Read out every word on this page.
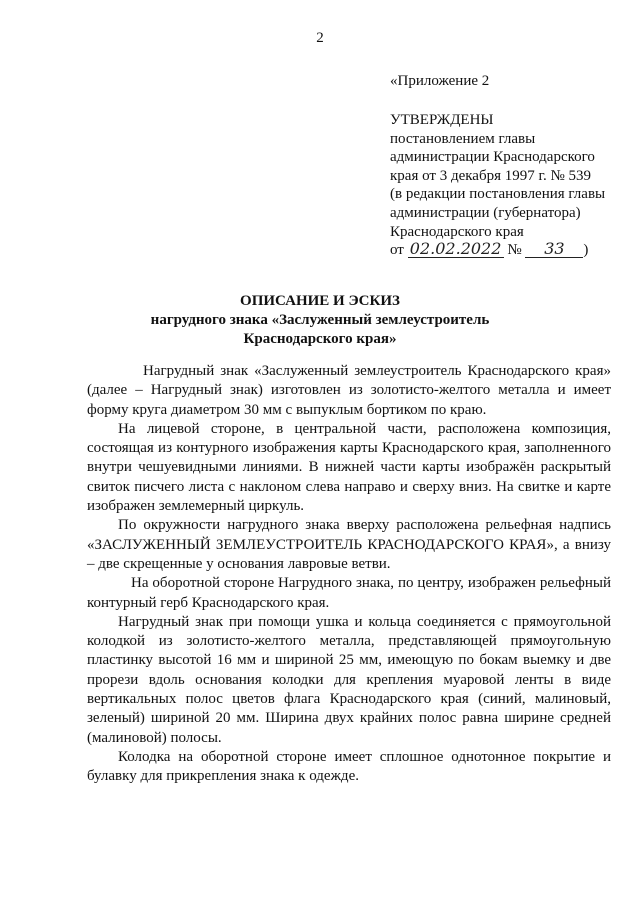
2
«Приложение 2
УТВЕРЖДЕНЫ
постановлением главы
администрации Краснодарского
края от 3 декабря 1997 г. № 539
(в редакции постановления главы
администрации (губернатора)
Краснодарского края
от 02.02.2022 № 33 )
ОПИСАНИЕ И ЭСКИЗ
нагрудного знака «Заслуженный землеустроитель
Краснодарского края»

Нагрудный знак «Заслуженный землеустроитель Краснодарского края» (далее – Нагрудный знак) изготовлен из золотисто-желтого металла и имеет форму круга диаметром 30 мм с выпуклым бортиком по краю.

На лицевой стороне, в центральной части, расположена композиция, состоящая из контурного изображения карты Краснодарского края, заполненного внутри чешуевидными линиями. В нижней части карты изображён раскрытый свиток писчего листа с наклоном слева направо и сверху вниз. На свитке и карте изображен землемерный циркуль.

По окружности нагрудного знака вверху расположена рельефная надпись «ЗАСЛУЖЕННЫЙ ЗЕМЛЕУСТРОИТЕЛЬ КРАСНОДАРСКОГО КРАЯ», а внизу – две скрещенные у основания лавровые ветви.

На оборотной стороне Нагрудного знака, по центру, изображен рельефный контурный герб Краснодарского края.

Нагрудный знак при помощи ушка и кольца соединяется с прямоугольной колодкой из золотисто-желтого металла, представляющей прямоугольную пластинку высотой 16 мм и шириной 25 мм, имеющую по бокам выемку и две прорези вдоль основания колодки для крепления муаровой ленты в виде вертикальных полос цветов флага Краснодарского края (синий, малиновый, зеленый) шириной 20 мм. Ширина двух крайних полос равна ширине средней (малиновой) полосы.

Колодка на оборотной стороне имеет сплошное однотонное покрытие и булавку для прикрепления знака к одежде.
